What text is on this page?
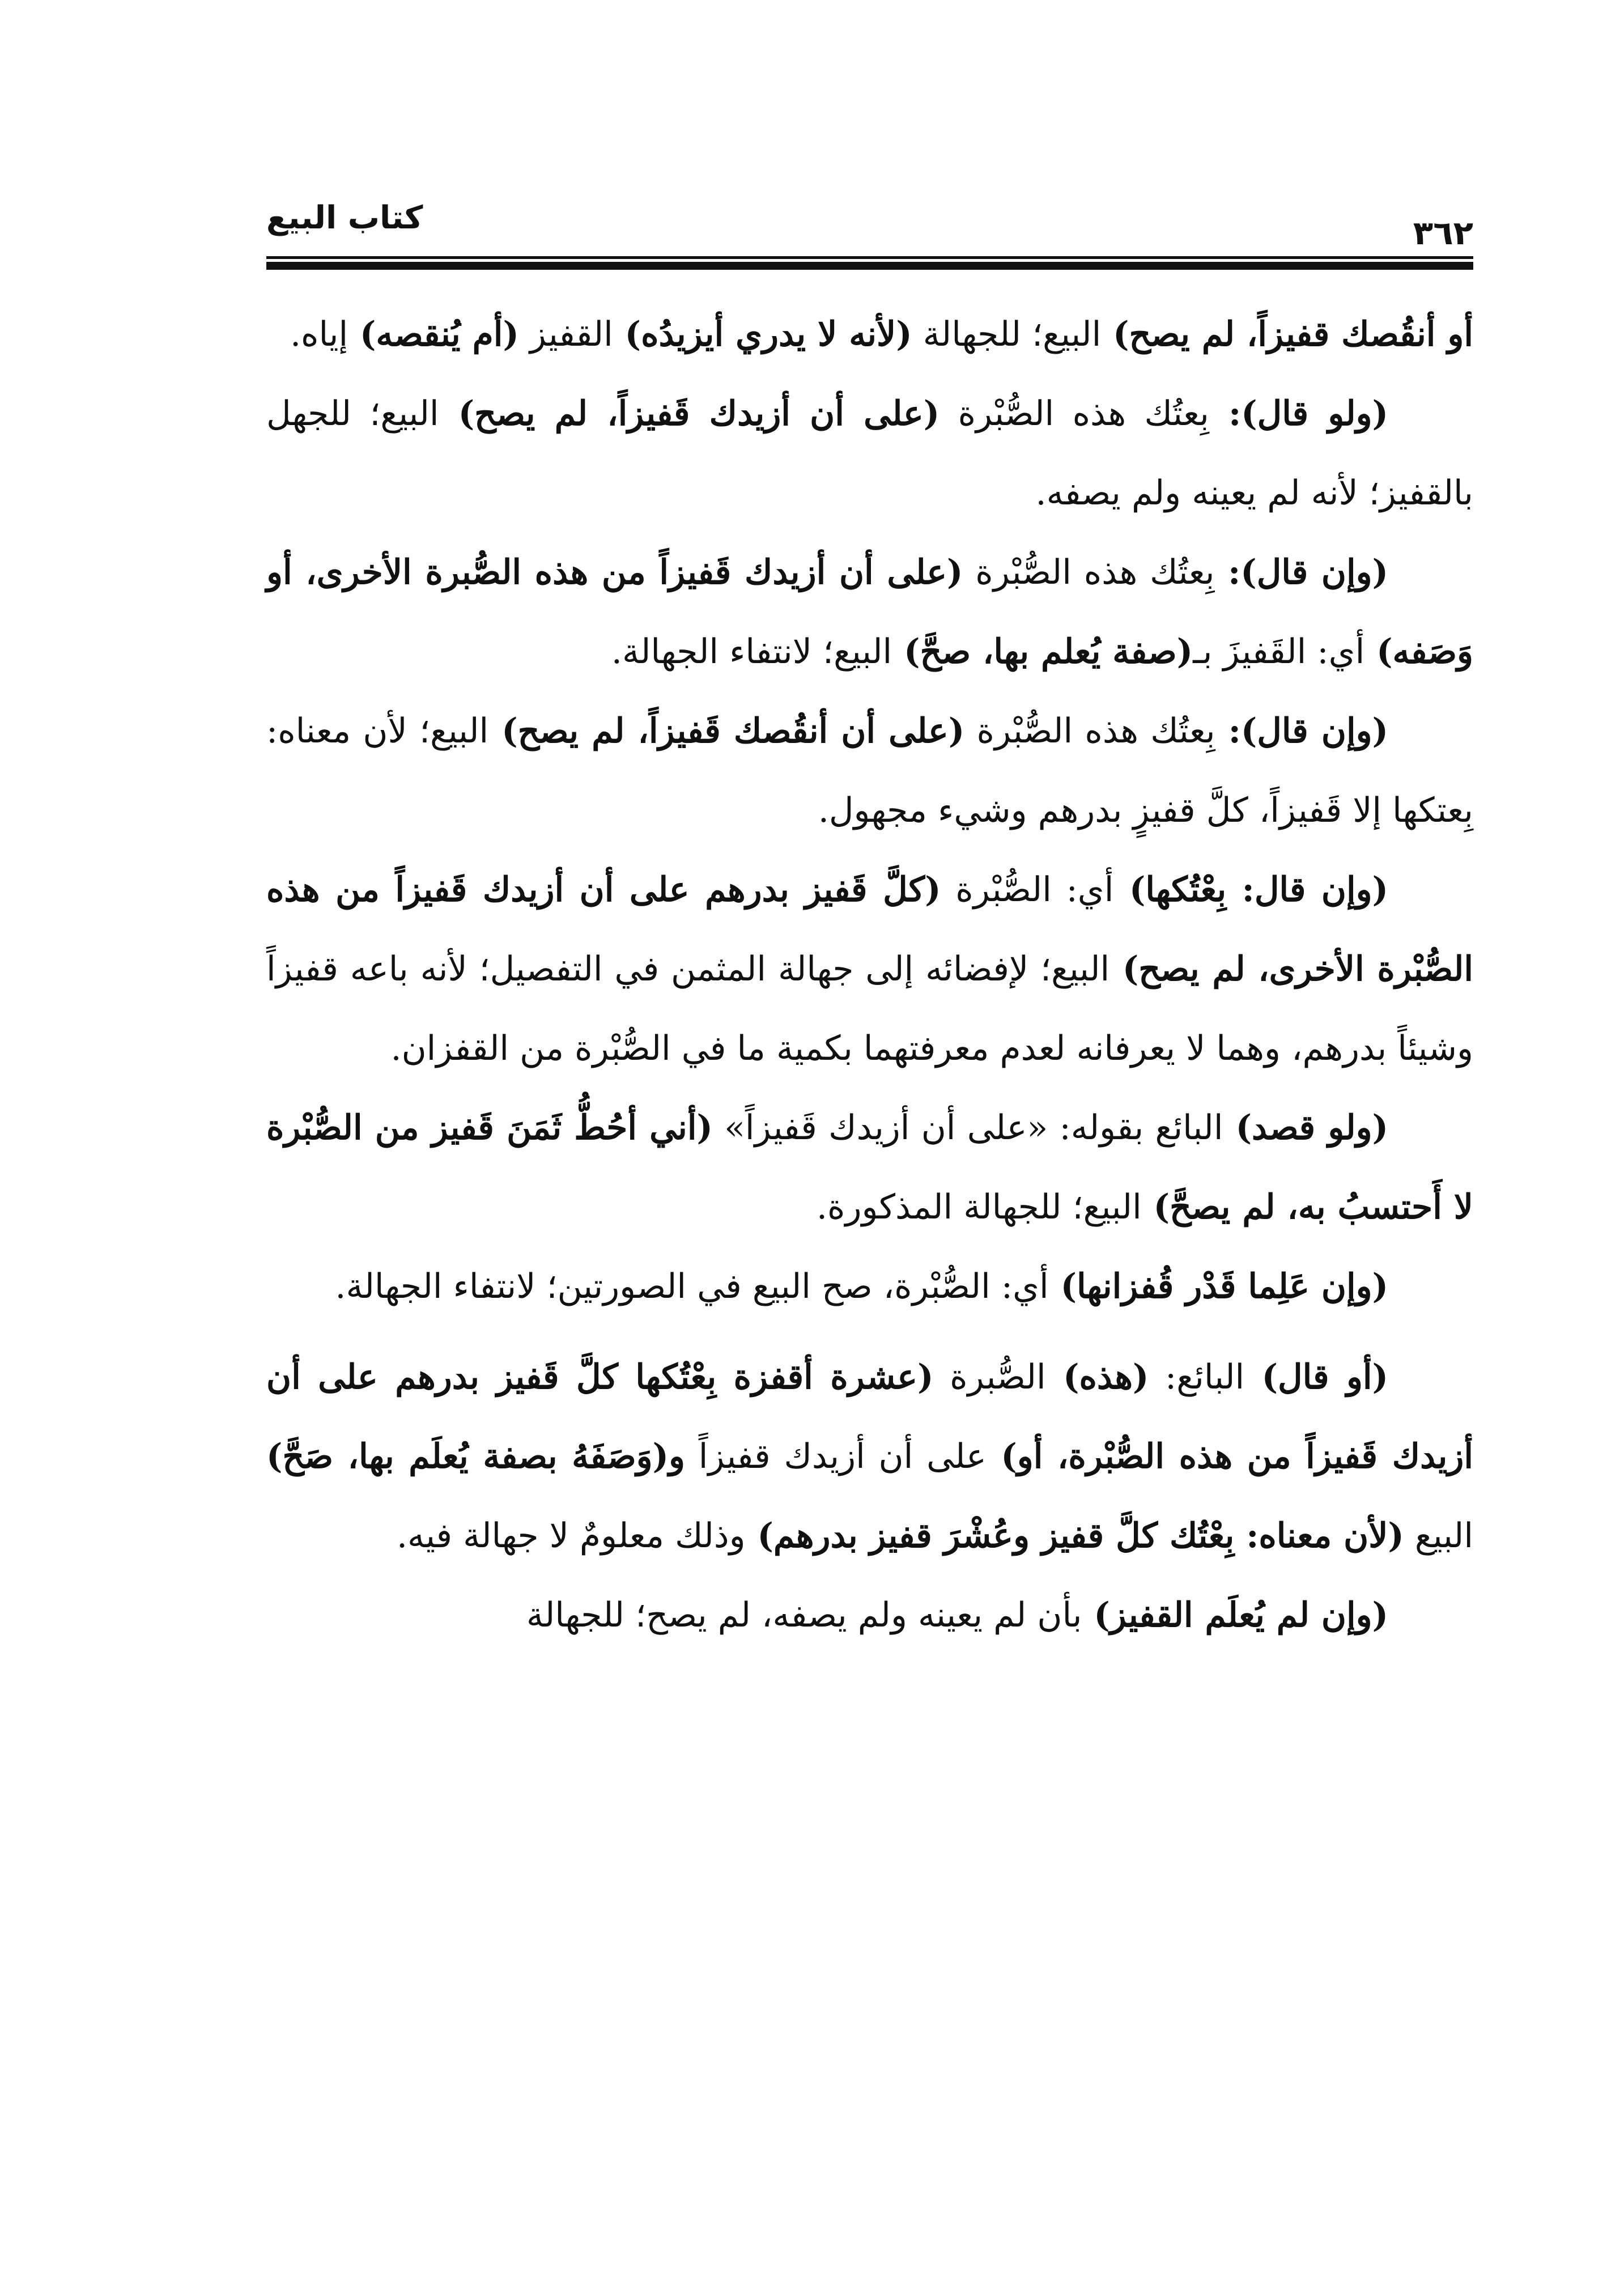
كتاب البيع	٣٦٢

أو أنقُصك قفيزاً، لم يصح) البيع؛ للجهالة (لأنه لا يدري أيزيدُه) القفيز (أم يُنقصه) إياه.

(ولو قال): بِعتُك هذه الصُّبْرة (على أن أزيدك قَفيزاً، لم يصح) البيع؛ للجهل بالقفيز؛ لأنه لم يعينه ولم يصفه.

(وإن قال): بِعتُك هذه الصُّبْرة (على أن أزيدك قَفيزاً من هذه الصُّبرة الأخرى، أو وَصَفه) أي: القَفيزَ بـ(صفة يُعلم بها، صحَّ) البيع؛ لانتفاء الجهالة.

(وإن قال): بِعتُك هذه الصُّبْرة (على أن أنقُصك قَفيزاً، لم يصح) البيع؛ لأن معناه: بِعتكها إلا قَفيزاً، كلَّ قفيزٍ بدرهم وشيء مجهول.

(وإن قال: بِعْتُكها) أي: الصُّبْرة (كلَّ قَفيز بدرهم على أن أزيدك قَفيزاً من هذه الصُّبْرة الأخرى، لم يصح) البيع؛ لإفضائه إلى جهالة المثمن في التفصيل؛ لأنه باعه قفيزاً وشيئاً بدرهم، وهما لا يعرفانه لعدم معرفتهما بكمية ما في الصُّبْرة من القفزان.

(ولو قصد) البائع بقوله: «على أن أزيدك قَفيزاً» (أني أحُطُّ ثَمَنَ قَفيز من الصُّبْرة لا أَحتسبُ به، لم يصحَّ) البيع؛ للجهالة المذكورة.

(وإن عَلِما قَدْر قُفزانها) أي: الصُّبْرة، صح البيع في الصورتين؛ لانتفاء الجهالة.

(أو قال) البائع: (هذه) الصُّبرة (عشرة أقفزة بِعْتُكها كلَّ قَفيز بدرهم على أن أزيدك قَفيزاً من هذه الصُّبْرة، أو) على أن أزيدك قفيزاً و(وَصَفَهُ بصفة يُعلَم بها، صَحَّ) البيع (لأن معناه: بِعْتُك كلَّ قفيز وعُشْرَ قفيز بدرهم) وذلك معلومٌ لا جهالة فيه.

(وإن لم يُعلَم القفيز) بأن لم يعينه ولم يصفه، لم يصح؛ للجهالة
